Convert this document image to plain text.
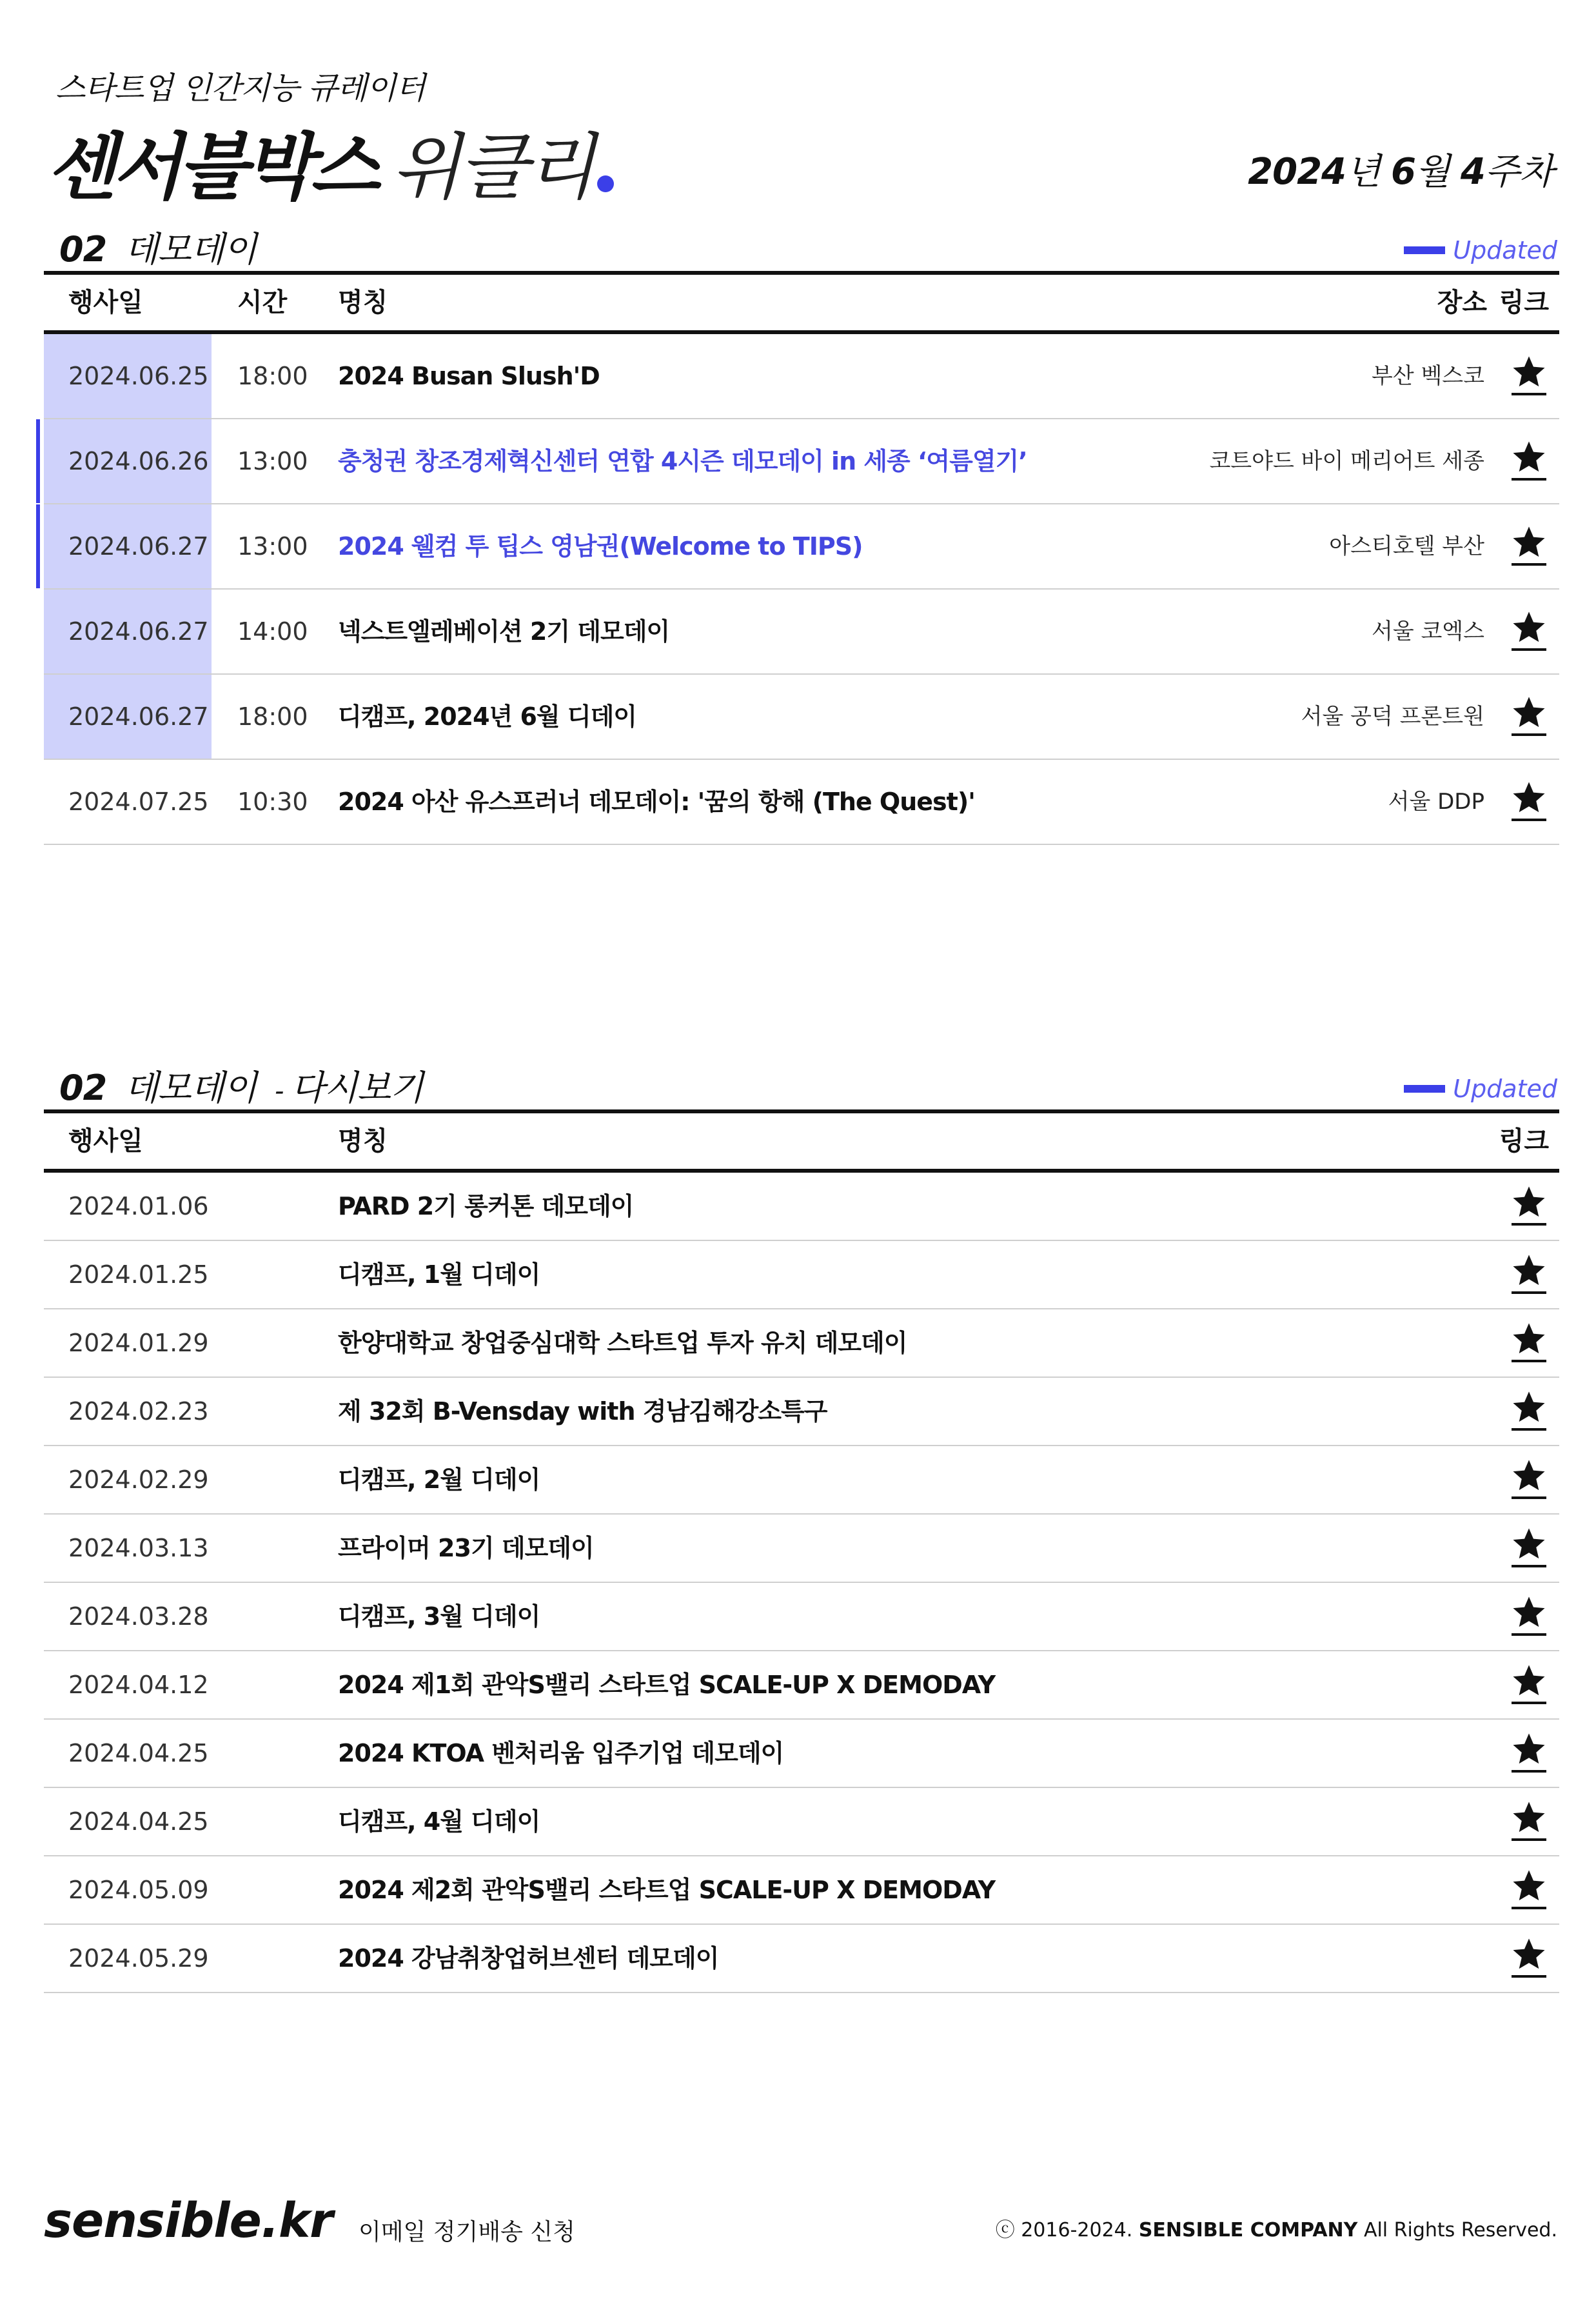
스타트업 인간지능 큐레이터
센서블박스 위클리	2024년 6월 4주차
02 데모데이	Updated
행사일	시간 명칭	장소 링크
2024.06.25 18:00 2024 Busan Slush'D	부산 벡스코
2024.06.26 13:00 충청권 창조경제혁신센터 연합 4시즌 데모데이 in 세종 ‘여름열기’	코트야드 바이 메리어트 세종
2024.06.27 13:00 2024 웰컴 투 팁스 영남권(Welcome to TIPS)	아스티호텔 부산
2024.06.27 14:00 넥스트엘레베이션 2기 데모데이	서울 코엑스
2024.06.27 18:00 디캠프, 2024년 6월 디데이	서울 공덕 프론트원
2024.07.25 10:30 2024 아산 유스프러너 데모데이: '꿈의 항해 (The Quest)'	서울 DDP
02 데모데이 - 다시보기	Updated
행사일	명칭	링크
2024.01.06	PARD 2기 롱커톤 데모데이
2024.01.25	디캠프, 1월 디데이
2024.01.29	한양대학교 창업중심대학 스타트업 투자 유치 데모데이
2024.02.23	제 32회 B-Vensday with 경남김해강소특구
2024.02.29	디캠프, 2월 디데이
2024.03.13	프라이머 23기 데모데이
2024.03.28	디캠프, 3월 디데이
2024.04.12	2024 제1회 관악S밸리 스타트업 SCALE-UP X DEMODAY
2024.04.25	2024 KTOA 벤처리움 입주기업 데모데이
2024.04.25	디캠프, 4월 디데이
2024.05.09	2024 제2회 관악S밸리 스타트업 SCALE-UP X DEMODAY
2024.05.29	2024 강남취창업허브센터 데모데이
sensible.kr 이메일 정기배송 신청	ⓒ 2016-2024. SENSIBLE COMPANY All Rights Reserved.
